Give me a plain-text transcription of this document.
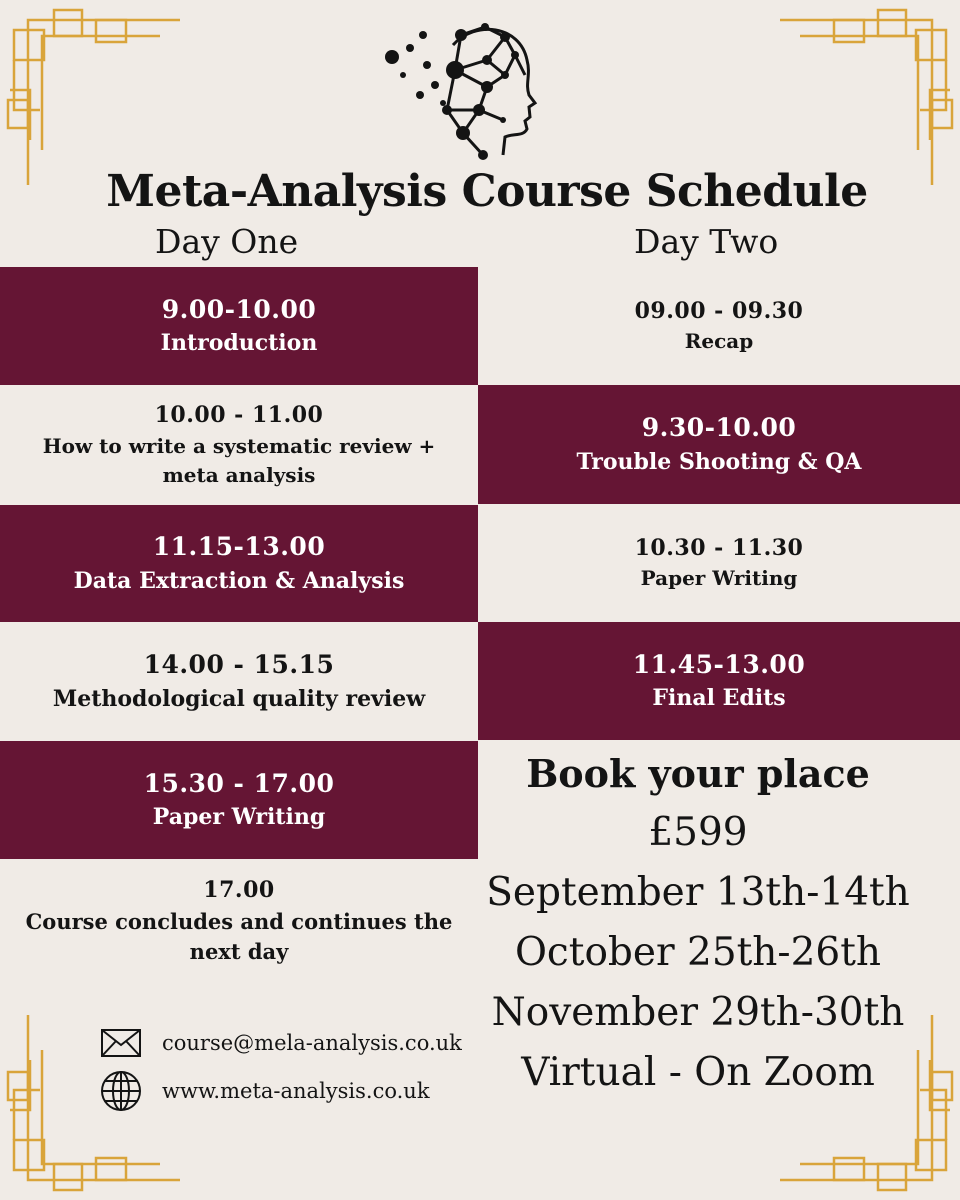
Meta-Analysis Course Schedule
Day One	Day Two
9.00-10.00
Introduction
10.00 - 11.00
How to write a systematic review + meta analysis
11.15-13.00
Data Extraction & Analysis
14.00 - 15.15
Methodological quality review
15.30 - 17.00
Paper Writing
17.00
Course concludes and continues the next day
09.00 - 09.30
Recap
9.30-10.00
Trouble Shooting & QA
10.30 - 11.30
Paper Writing
11.45-13.00
Final Edits
Book your place
£599
September 13th-14th
October 25th-26th
November 29th-30th
Virtual - On Zoom
course@mela-analysis.co.uk
www.meta-analysis.co.uk
